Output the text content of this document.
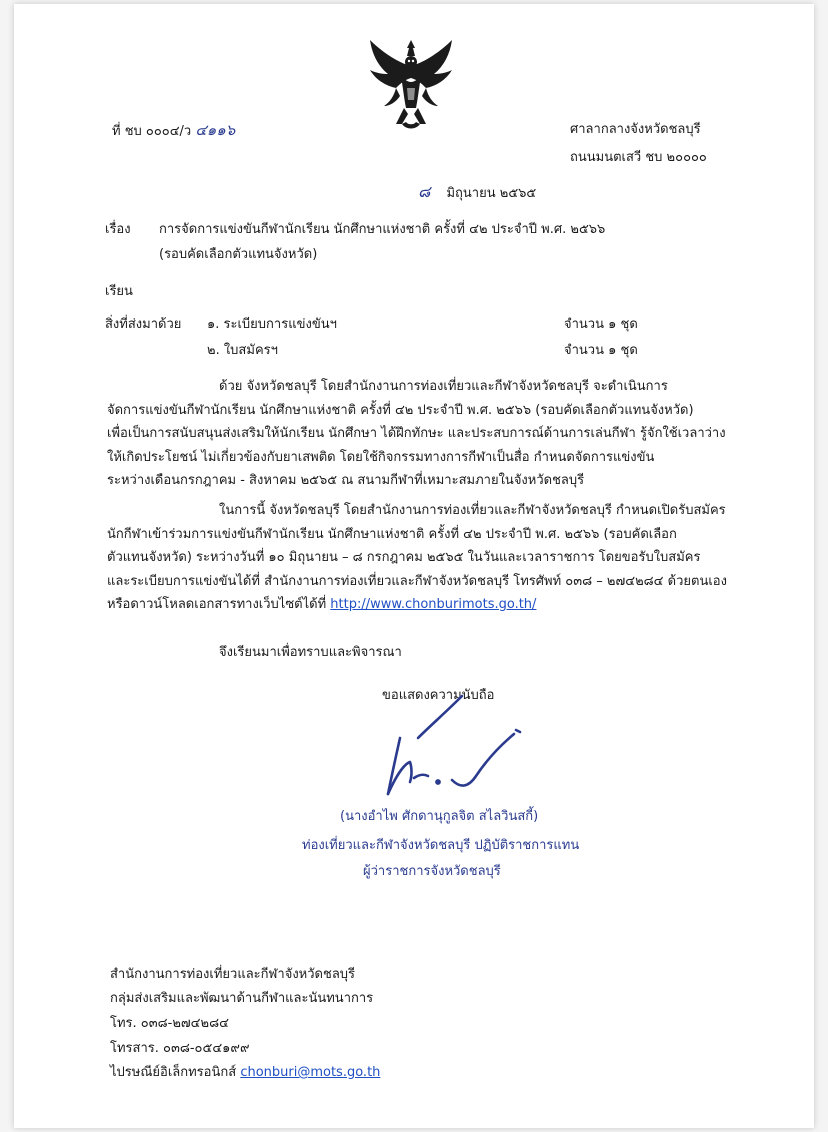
ที่ ชบ ๐๐๐๔/ว ๔๑๑๖	ศาลากลางจังหวัดชลบุรี
ถนนมนตเสวี ชบ ๒๐๐๐๐
๘ มิถุนายน ๒๕๖๕
เรื่อง การจัดการแข่งขันกีฬานักเรียน นักศึกษาแห่งชาติ ครั้งที่ ๔๒ ประจำปี พ.ศ. ๒๕๖๖
(รอบคัดเลือกตัวแทนจังหวัด)
เรียน
สิ่งที่ส่งมาด้วย ๑. ระเบียบการแข่งขันฯ	จำนวน ๑ ชุด
๒. ใบสมัครฯ	จำนวน ๑ ชุด
ด้วย จังหวัดชลบุรี โดยสำนักงานการท่องเที่ยวและกีฬาจังหวัดชลบุรี จะดำเนินการ
จัดการแข่งขันกีฬานักเรียน นักศึกษาแห่งชาติ ครั้งที่ ๔๒ ประจำปี พ.ศ. ๒๕๖๖ (รอบคัดเลือกตัวแทนจังหวัด)
เพื่อเป็นการสนับสนุนส่งเสริมให้นักเรียน นักศึกษา ได้ฝึกทักษะ และประสบการณ์ด้านการเล่นกีฬา รู้จักใช้เวลาว่าง
ให้เกิดประโยชน์ ไม่เกี่ยวข้องกับยาเสพติด โดยใช้กิจกรรมทางการกีฬาเป็นสื่อ กำหนดจัดการแข่งขัน
ระหว่างเดือนกรกฎาคม - สิงหาคม ๒๕๖๕ ณ สนามกีฬาที่เหมาะสมภายในจังหวัดชลบุรี
ในการนี้ จังหวัดชลบุรี โดยสำนักงานการท่องเที่ยวและกีฬาจังหวัดชลบุรี กำหนดเปิดรับสมัคร
นักกีฬาเข้าร่วมการแข่งขันกีฬานักเรียน นักศึกษาแห่งชาติ ครั้งที่ ๔๒ ประจำปี พ.ศ. ๒๕๖๖ (รอบคัดเลือก
ตัวแทนจังหวัด) ระหว่างวันที่ ๑๐ มิถุนายน – ๘ กรกฎาคม ๒๕๖๕ ในวันและเวลาราชการ โดยขอรับใบสมัคร
และระเบียบการแข่งขันได้ที่ สำนักงานการท่องเที่ยวและกีฬาจังหวัดชลบุรี โทรศัพท์ ๐๓๘ – ๒๗๔๒๘๔ ด้วยตนเอง
หรือดาวน์โหลดเอกสารทางเว็บไซต์ได้ที่ http://www.chonburimots.go.th/
จึงเรียนมาเพื่อทราบและพิจารณา
ขอแสดงความนับถือ
(นางอำไพ ศักดานุกูลจิต สไลวินสกี้)
ท่องเที่ยวและกีฬาจังหวัดชลบุรี ปฏิบัติราชการแทน
ผู้ว่าราชการจังหวัดชลบุรี
สำนักงานการท่องเที่ยวและกีฬาจังหวัดชลบุรี
กลุ่มส่งเสริมและพัฒนาด้านกีฬาและนันทนาการ
โทร. ๐๓๘-๒๗๔๒๘๔
โทรสาร. ๐๓๘-๐๕๔๑๙๙
ไปรษณีย์อิเล็กทรอนิกส์ chonburi@mots.go.th
